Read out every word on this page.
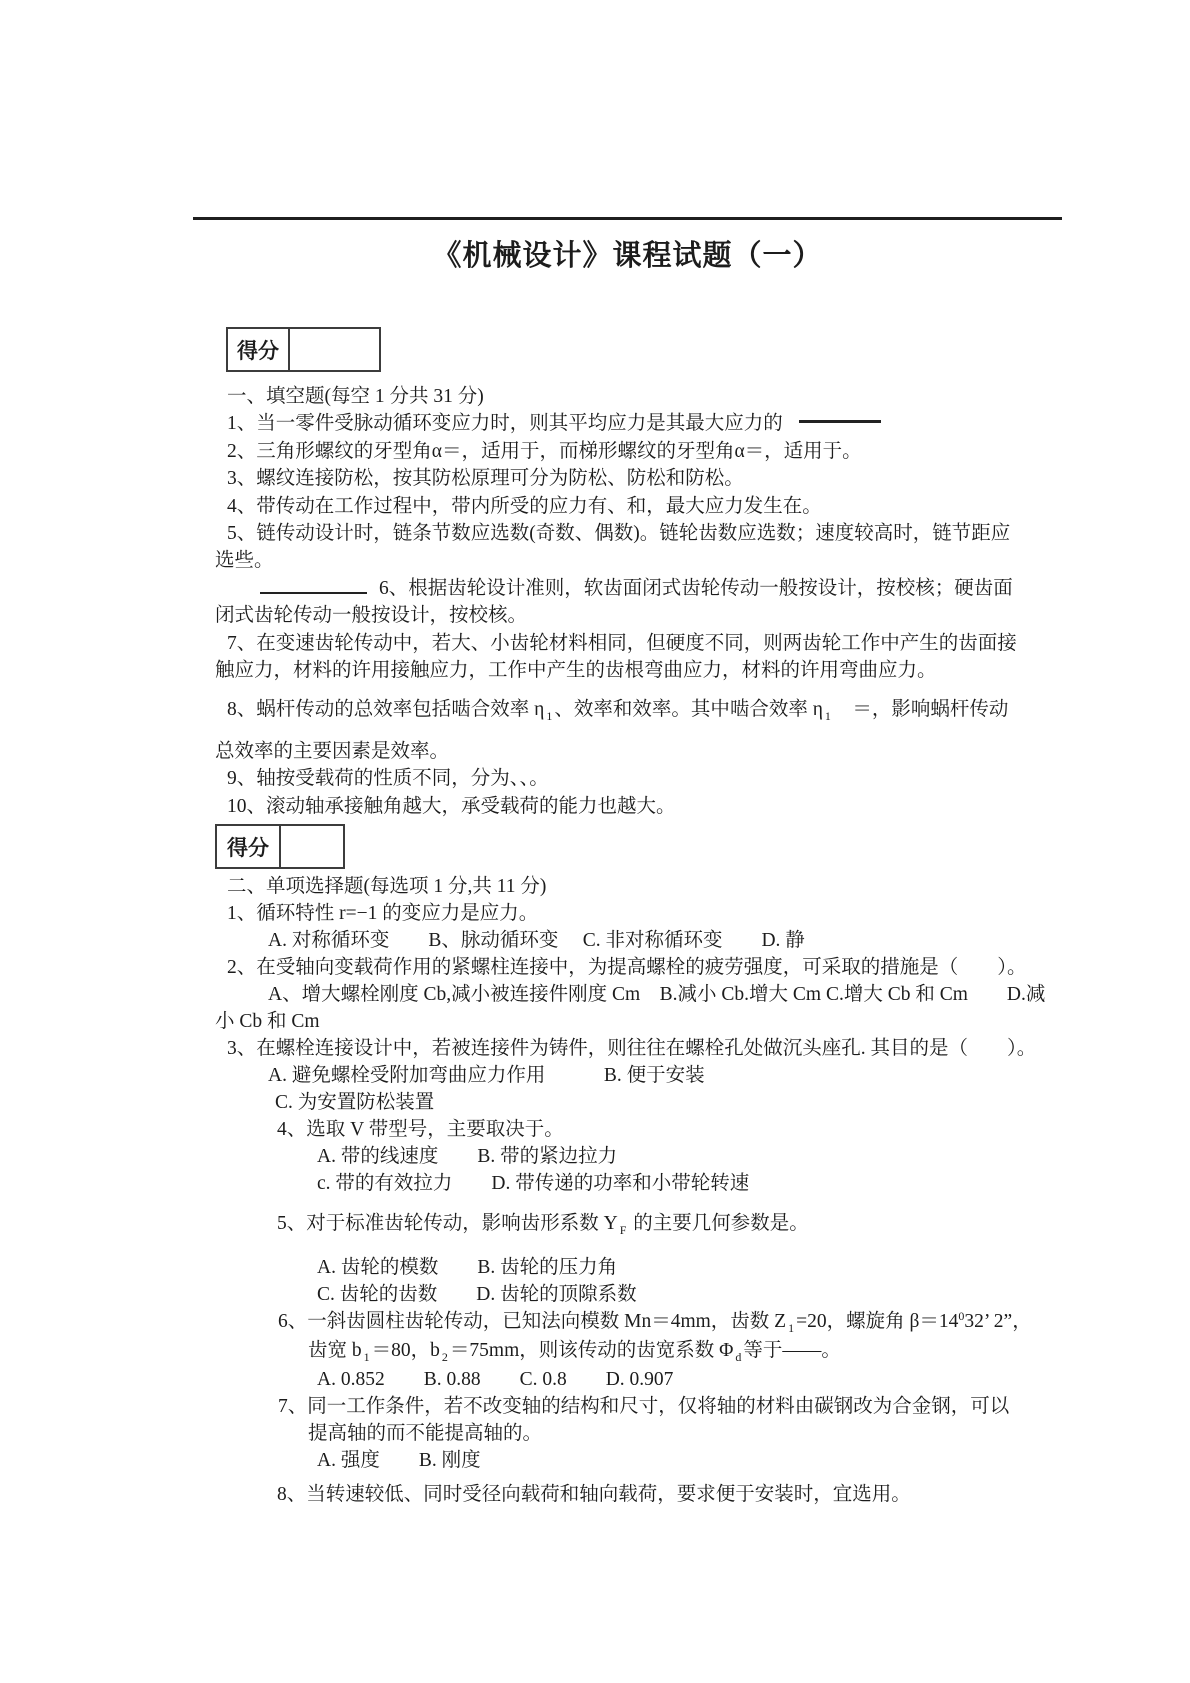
《机械设计》课程试题（一）
得分
一、填空题(每空 1 分共 31 分)
1、当一零件受脉动循环变应力时，则其平均应力是其最大应力的
2、三角形螺纹的牙型角α＝，适用于，而梯形螺纹的牙型角α＝，适用于。
3、螺纹连接防松，按其防松原理可分为防松、防松和防松。
4、带传动在工作过程中，带内所受的应力有、和，最大应力发生在。
5、链传动设计时，链条节数应选数(奇数、偶数)。链轮齿数应选数；速度较高时，链节距应
选些。
6、根据齿轮设计准则，软齿面闭式齿轮传动一般按设计，按校核；硬齿面
闭式齿轮传动一般按设计，按校核。
7、在变速齿轮传动中，若大、小齿轮材料相同，但硬度不同，则两齿轮工作中产生的齿面接
触应力，材料的许用接触应力，工作中产生的齿根弯曲应力，材料的许用弯曲应力。
8、蜗杆传动的总效率包括啮合效率 η $_1$ 、效率和效率。其中啮合效率 η $_1$　＝，影响蜗杆传动
总效率的主要因素是效率。
9、轴按受载荷的性质不同，分为、、。
10、滚动轴承接触角越大，承受载荷的能力也越大。
得分
二、单项选择题(每选项 1 分,共 11 分)
1、循环特性 r=−1 的变应力是应力。
A. 对称循环变　　B、脉动循环变　 C. 非对称循环变　　D. 静
2、在受轴向变载荷作用的紧螺柱连接中，为提高螺栓的疲劳强度，可采取的措施是（　　）。
A、增大螺栓刚度 Cb,减小被连接件刚度 Cm　B.减小 Cb.增大 Cm C.增大 Cb 和 Cm　　D.减
小 Cb 和 Cm
3、在螺栓连接设计中，若被连接件为铸件，则往往在螺栓孔处做沉头座孔. 其目的是（　　）。
A. 避免螺栓受附加弯曲应力作用　　　B. 便于安装
C. 为安置防松装置
4、选取 V 带型号，主要取决于。
A. 带的线速度　　B. 带的紧边拉力
c. 带的有效拉力　　D. 带传递的功率和小带轮转速
5、对于标准齿轮传动，影响齿形系数 Y $_F$ 的主要几何参数是。
A. 齿轮的模数　　B. 齿轮的压力角
C. 齿轮的齿数　　D. 齿轮的顶隙系数
6、一斜齿圆柱齿轮传动，已知法向模数 Mn＝4mm，齿数 Z $_1$ =20，螺旋角 $\beta=14^032$’ 2”，
齿宽 b $_1$ ＝80，b $_2$ ＝75mm，则该传动的齿宽系数 Φ $_d$ 等于——。
A. 0.852　　B. 0.88　　C. 0.8　　D. 0.907
7、同一工作条件，若不改变轴的结构和尺寸，仅将轴的材料由碳钢改为合金钢，可以
提高轴的而不能提高轴的。
A. 强度　　B. 刚度
8、当转速较低、同时受径向载荷和轴向载荷，要求便于安装时，宜选用。
